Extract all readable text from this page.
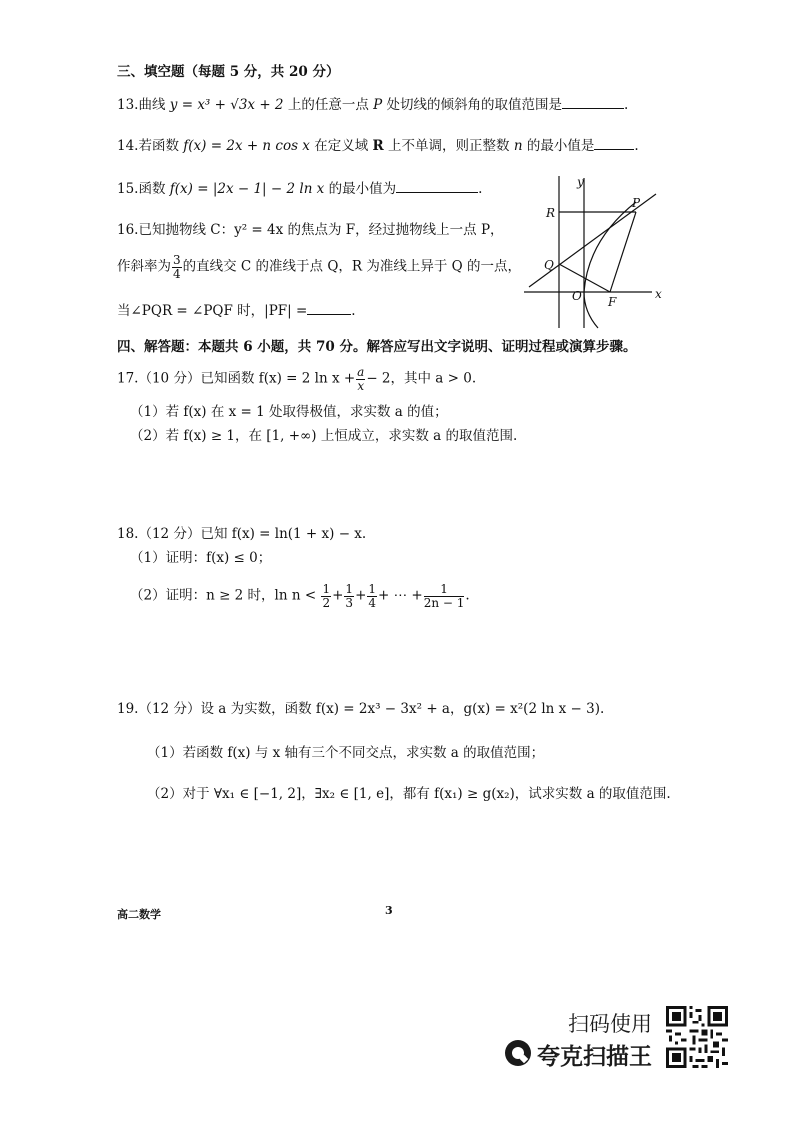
三、填空题（每题 5 分，共 20 分）
13.曲线 y = x³ + √3x + 2 上的任意一点 P 处切线的倾斜角的取值范围是	.
14.若函数 f(x) = 2x + n cos x 在定义域 R 上不单调，则正整数 n 的最小值是	.
15.函数 f(x) = |2x − 1| − 2 ln x 的最小值为	.
16.已知抛物线 C：y² = 4x 的焦点为 F，经过抛物线上一点 P，
作斜率为 $\frac{3}{4}$ 的直线交 C 的准线于点 Q，R 为准线上异于 Q 的一点，
当∠PQR = ∠PQF 时，|PF| =	.
y
x
R
P
Q
O F
四、解答题：本题共 6 小题，共 70 分。解答应写出文字说明、证明过程或演算步骤。
17.（10 分）已知函数 f(x) = 2 $\ln x + \frac{a}{x} - 2$，其中 a > 0.
（1）若 f(x) 在 x = 1 处取得极值，求实数 a 的值；
（2）若 f(x) ≥ 1，在 [1, +∞) 上恒成立，求实数 a 的取值范围.
18.（12 分）已知 f(x) = ln(1 + x) − x.
（1）证明：f(x) ≤ 0；
（2）证明：n ≥ 2 时，$\ln n < \frac{1}{2} + \frac{1}{3} + \frac{1}{4}$ + ⋯ + $\frac{1}{2n - 1}$ .
19.（12 分）设 a 为实数，函数 f(x) = 2x³ − 3x² + a，g(x) = x²(2 ln x − 3).
（1）若函数 f(x) 与 x 轴有三个不同交点，求实数 a 的取值范围；
（2）对于 ∀x₁ ∈ [−1, 2]，∃x₂ ∈ [1, e]，都有 f(x₁) ≥ g(x₂)，试求实数 a 的取值范围.
高二数学	3
扫码使用
夸克扫描王
